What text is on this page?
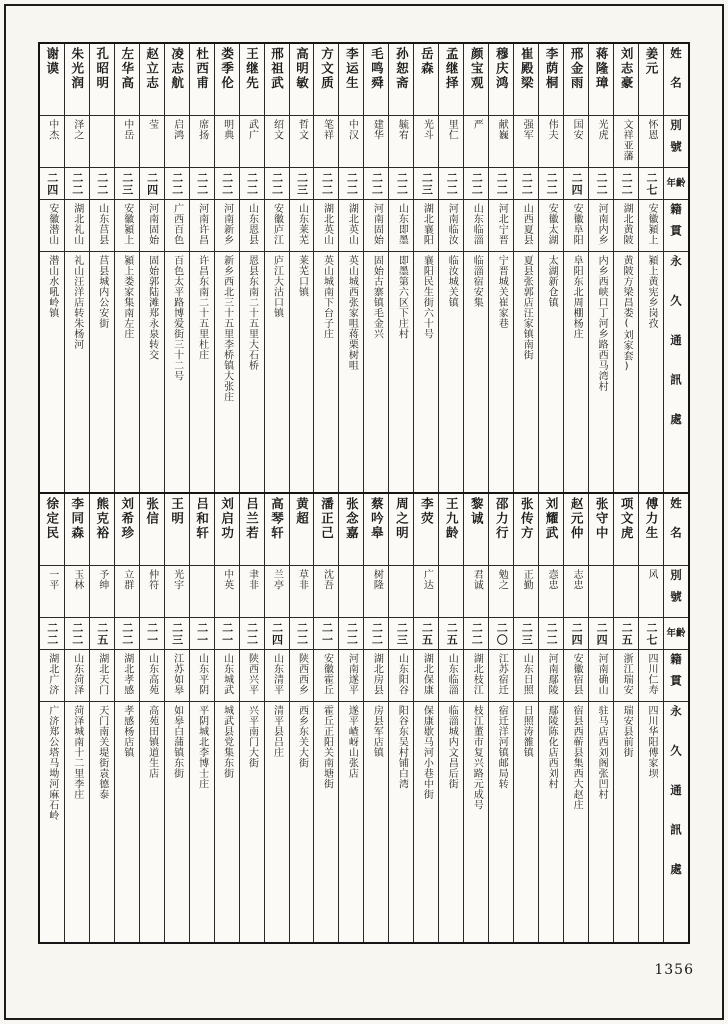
姓名
別號
年齡
籍貫
永久通訊處
姜元
怀恩
二七
安徽潁上
潁上黄宪乡岗孜
刘志豪
文祥亚藩
二二
湖北黄陂
黄陂方梁昌娄(刘家套)
蒋隆璋
光虎
二二
河南内乡
内乡西峡口丁河乡路西马湾村
邢金雨
国安
二四
安徽阜阳
阜阳东北周棚杨庄
李荫桐
伟夫
二二
安徽太湖
太湖新仓镇
崔殿梁
强军
二二
山西夏县
夏县张郭店汪家镇南街
穆庆鸿
献巍
二二
河北宁晋
宁晋城关崔家巷
颜宝观
严
二二
山东临淄
临淄宿安集
孟继择
里仁
二二
河南临汝
临汝城关镇
岳森
光斗
二三
湖北襄阳
襄阳民生街六十号
孙恕斋
毓宥
二二
山东即墨
即墨第六区下庄村
毛鸣舜
建华
二二
河南固始
固始古寨镇毛金兴
李运生
中汉
二二
湖北英山
英山城西张家咀蒋栗树咀
方文质
笔祥
二二
湖北英山
英山城南下台子庄
高明敏
哲文
二三
山东莱芜
莱芜口镇
邢祖武
绍文
二二
安徽庐江
庐江大沽口镇
王继先
武广
二二
山东恩县
恩县东南二十五里大石桥
娄季伦
明典
二二
河南新乡
新乡西北三十五里李桥镇大张庄
杜西甫
席扬
二二
河南许昌
许昌东南二十五里杜庄
凌志航
启鸿
二二
广西百色
百色太平路博爱街三十二号
赵立志
莹
二四
河南固始
固始郭陆滩郑永泉转交
左华高
中岳
二三
安徽潁上
潁上娄家集南左庄
孔昭明
二二
山东莒县
莒县城内公安街
朱光润
泽之
二二
湖北礼山
礼山汪洋店转朱杨河
谢谟
中杰
二四
安徽潜山
潜山水吼岭镇
姓名
別號
年齡
籍貫
永久通訊處
傅力生
风
二七
四川仁寿
四川华阳傅家坝
项文虎
二五
浙江瑞安
瑞安县前街
张守中
二四
河南确山
驻马店西刘阁张凹村
赵元仲
志忠
二四
安徽宿县
宿县西蕲县集西大赵庄
刘耀武
悫忠
二二
河南鄢陵
鄢陵陈化店西刘村
张传方
正勤
二三
山东日照
日照涛雒镇
邵力行
勉之
二〇
江苏宿迁
宿迁洋河镇邮局转
黎诚
君诚
二二
湖北枝江
枝江董市复兴路元成号
王九龄
二五
山东临淄
临淄城内文昌后街
李荧
广达
二五
湖北保康
保康歇马河小巷中街
周之明
二三
山东阳谷
阳谷东吴村铺白湾
蔡吟皋
树隆
二二
湖北房县
房县军店镇
张念嘉
二二
河南遂平
遂平嵖岈山张店
潘正己
沈吾
二一
安徽霍丘
霍丘正阳关南塘街
黄超
草非
二二
陕西西乡
西乡东关大街
高琴轩
兰亭
二四
山东清平
清平县吕庄
吕兰若
聿非
二二
陕西兴平
兴平南门大街
刘启功
中英
二一
山东城武
城武县党集东街
吕和轩
二一
山东平阴
平阴城北李博士庄
王明
光宇
二三
江苏如皋
如皋白蒲镇东街
张信
仲符
二一
山东高苑
高苑田镇道生店
刘希珍
立群
二二
湖北孝感
孝感杨店镇
熊克裕
予绅
二五
湖北天门
天门南关堤街袁德泰
李同森
玉林
二二
山东菏泽
菏泽城南十二里李庄
徐定民
一平
二二
湖北广济
广济郑公塔马坳河麻石岭
1356
